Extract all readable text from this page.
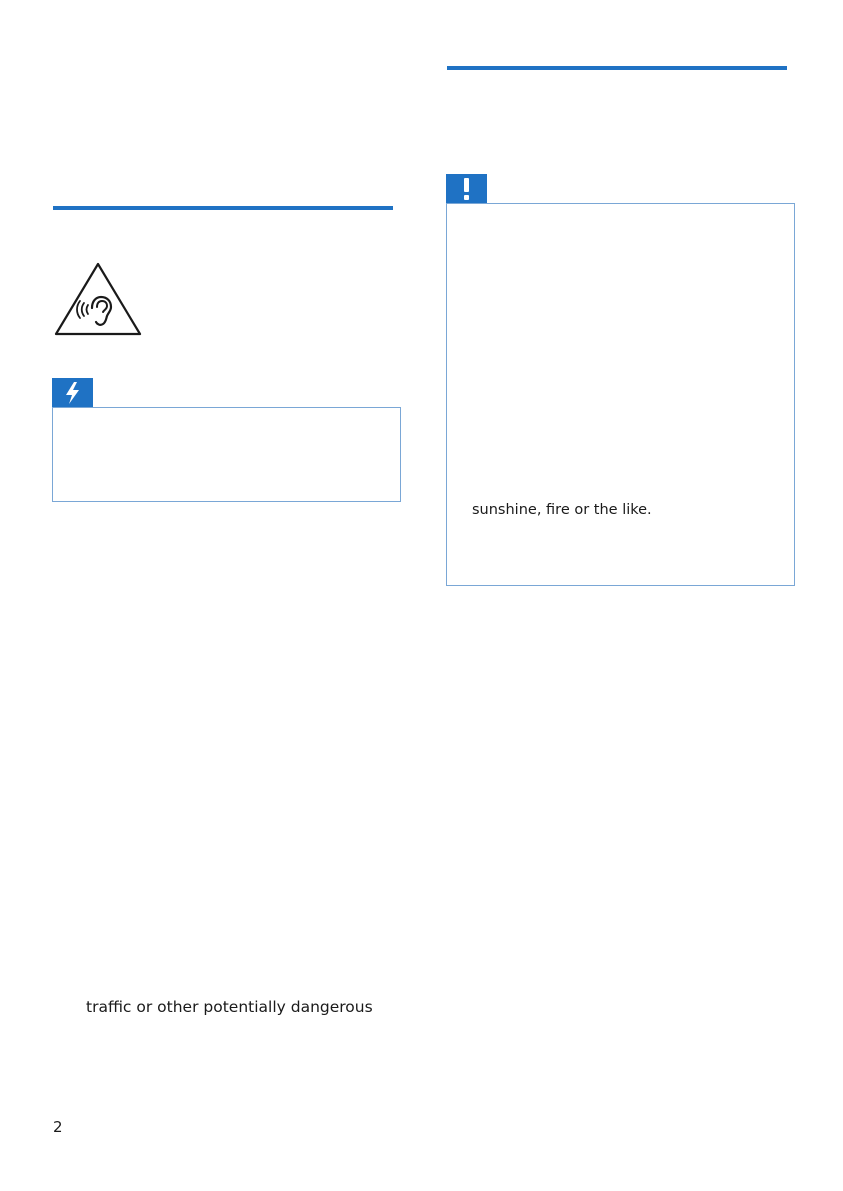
sunshine, fire or the like.
traffic or other potentially dangerous
2
